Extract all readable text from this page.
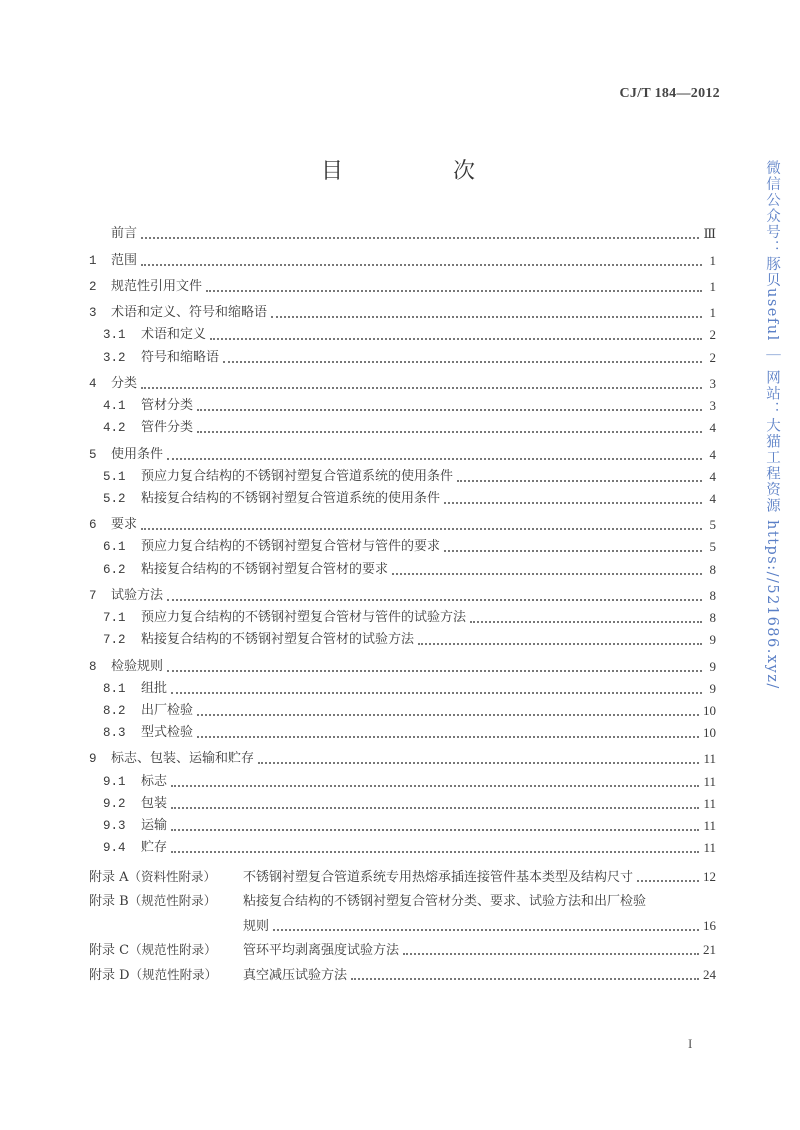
CJ/T 184—2012
目　次
前言	Ⅲ
1	范围	1
2	规范性引用文件	1
3	术语和定义、符号和缩略语	1
3.1	术语和定义	2
3.2	符号和缩略语	2
4	分类	3
4.1	管材分类	3
4.2	管件分类	4
5	使用条件	4
5.1	预应力复合结构的不锈钢衬塑复合管道系统的使用条件	4
5.2	粘接复合结构的不锈钢衬塑复合管道系统的使用条件	4
6	要求	5
6.1	预应力复合结构的不锈钢衬塑复合管材与管件的要求	5
6.2	粘接复合结构的不锈钢衬塑复合管材的要求	8
7	试验方法	8
7.1	预应力复合结构的不锈钢衬塑复合管材与管件的试验方法	8
7.2	粘接复合结构的不锈钢衬塑复合管材的试验方法	9
8	检验规则	9
8.1	组批	9
8.2	出厂检验	10
8.3	型式检验	10
9	标志、包装、运输和贮存	11
9.1	标志	11
9.2	包装	11
9.3	运输	11
9.4	贮存	11
附录 A（资料性附录）	不锈钢衬塑复合管道系统专用热熔承插连接管件基本类型及结构尺寸	12
附录 B（规范性附录）	粘接复合结构的不锈钢衬塑复合管材分类、要求、试验方法和出厂检验
规则	16
附录 C（规范性附录）	管环平均剥离强度试验方法	21
附录 D（规范性附录）	真空减压试验方法	24
微信公众号：豚贝useful ｜ 网站：大猫工程资源 https://521686.xyz/
I
